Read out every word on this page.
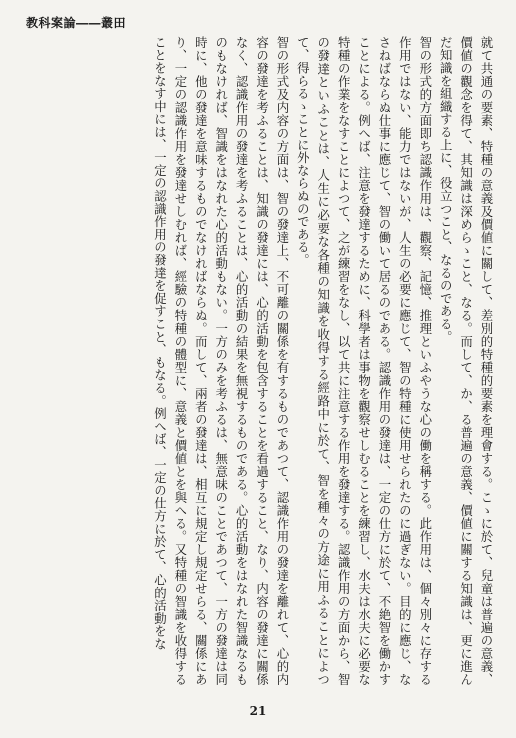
教科案論――叢田

就て共通の要素、特種の意義及價値に關して、差別的特種的要素を理會する。こゝに於て、兒童は普遍の意義、價値の觀念を得て、其知識は深めらゝこと、なる。而して、か、る普遍の意義、價値に關する知識は、更に進んだ知識を組織する上に、役立つこと、なるのである。

智の形式的方面即ち認識作用は、觀察、記憶、推理といふやうな心の働を稱する。此作用は、個々別々に存する作用ではない、能力ではないが、人生の必要に應じて、智の特種に使用せられたのに過ぎない。目的に應じ、なさねばならぬ仕事に應じて、智の働いて居るのである。認識作用の發達は、一定の仕方に於て、不絶智を働かすことによる。例へば、注意を發達するために、科學者は事物を觀察せしむることを練習し、水夫は水夫に必要な特種の作業をなすことによつて、之が練習をなし、以て共に注意する作用を發達する。認識作用の方面から、智の發達といふことは、人生に必要な各種の知識を收得する經路中に於て、智を種々の方途に用ふることによつて、得らるゝことに外ならぬのである。

智の形式及内容の方面は、智の發達上、不可離の關係を有するものであつて、認識作用の發達を離れて、心的内容の發達を考ふることは、知識の發達には、心的活動を包含することを看過すること、なり、内容の發達に關係なく、認識作用の發達を考ふることは、心的活動の結果を無視するものである。心的活動をはなれた智識なるものもなければ、智識をはなれた心的活動もない。一方のみを考ふるは、無意味のことであつて、一方の發達は同時に、他の發達を意味するものでなければならぬ。而して、兩者の發達は、相互に規定し規定せらる、關係にあり、一定の認識作用を發達せしむれば、經驗の特種の體型に、意義と價値とを與へる。又特種の智識を收得することをなす中には、一定の認識作用の發達を促すこと、もなる。例へば、一定の仕方に於て、心的活動をな

21
